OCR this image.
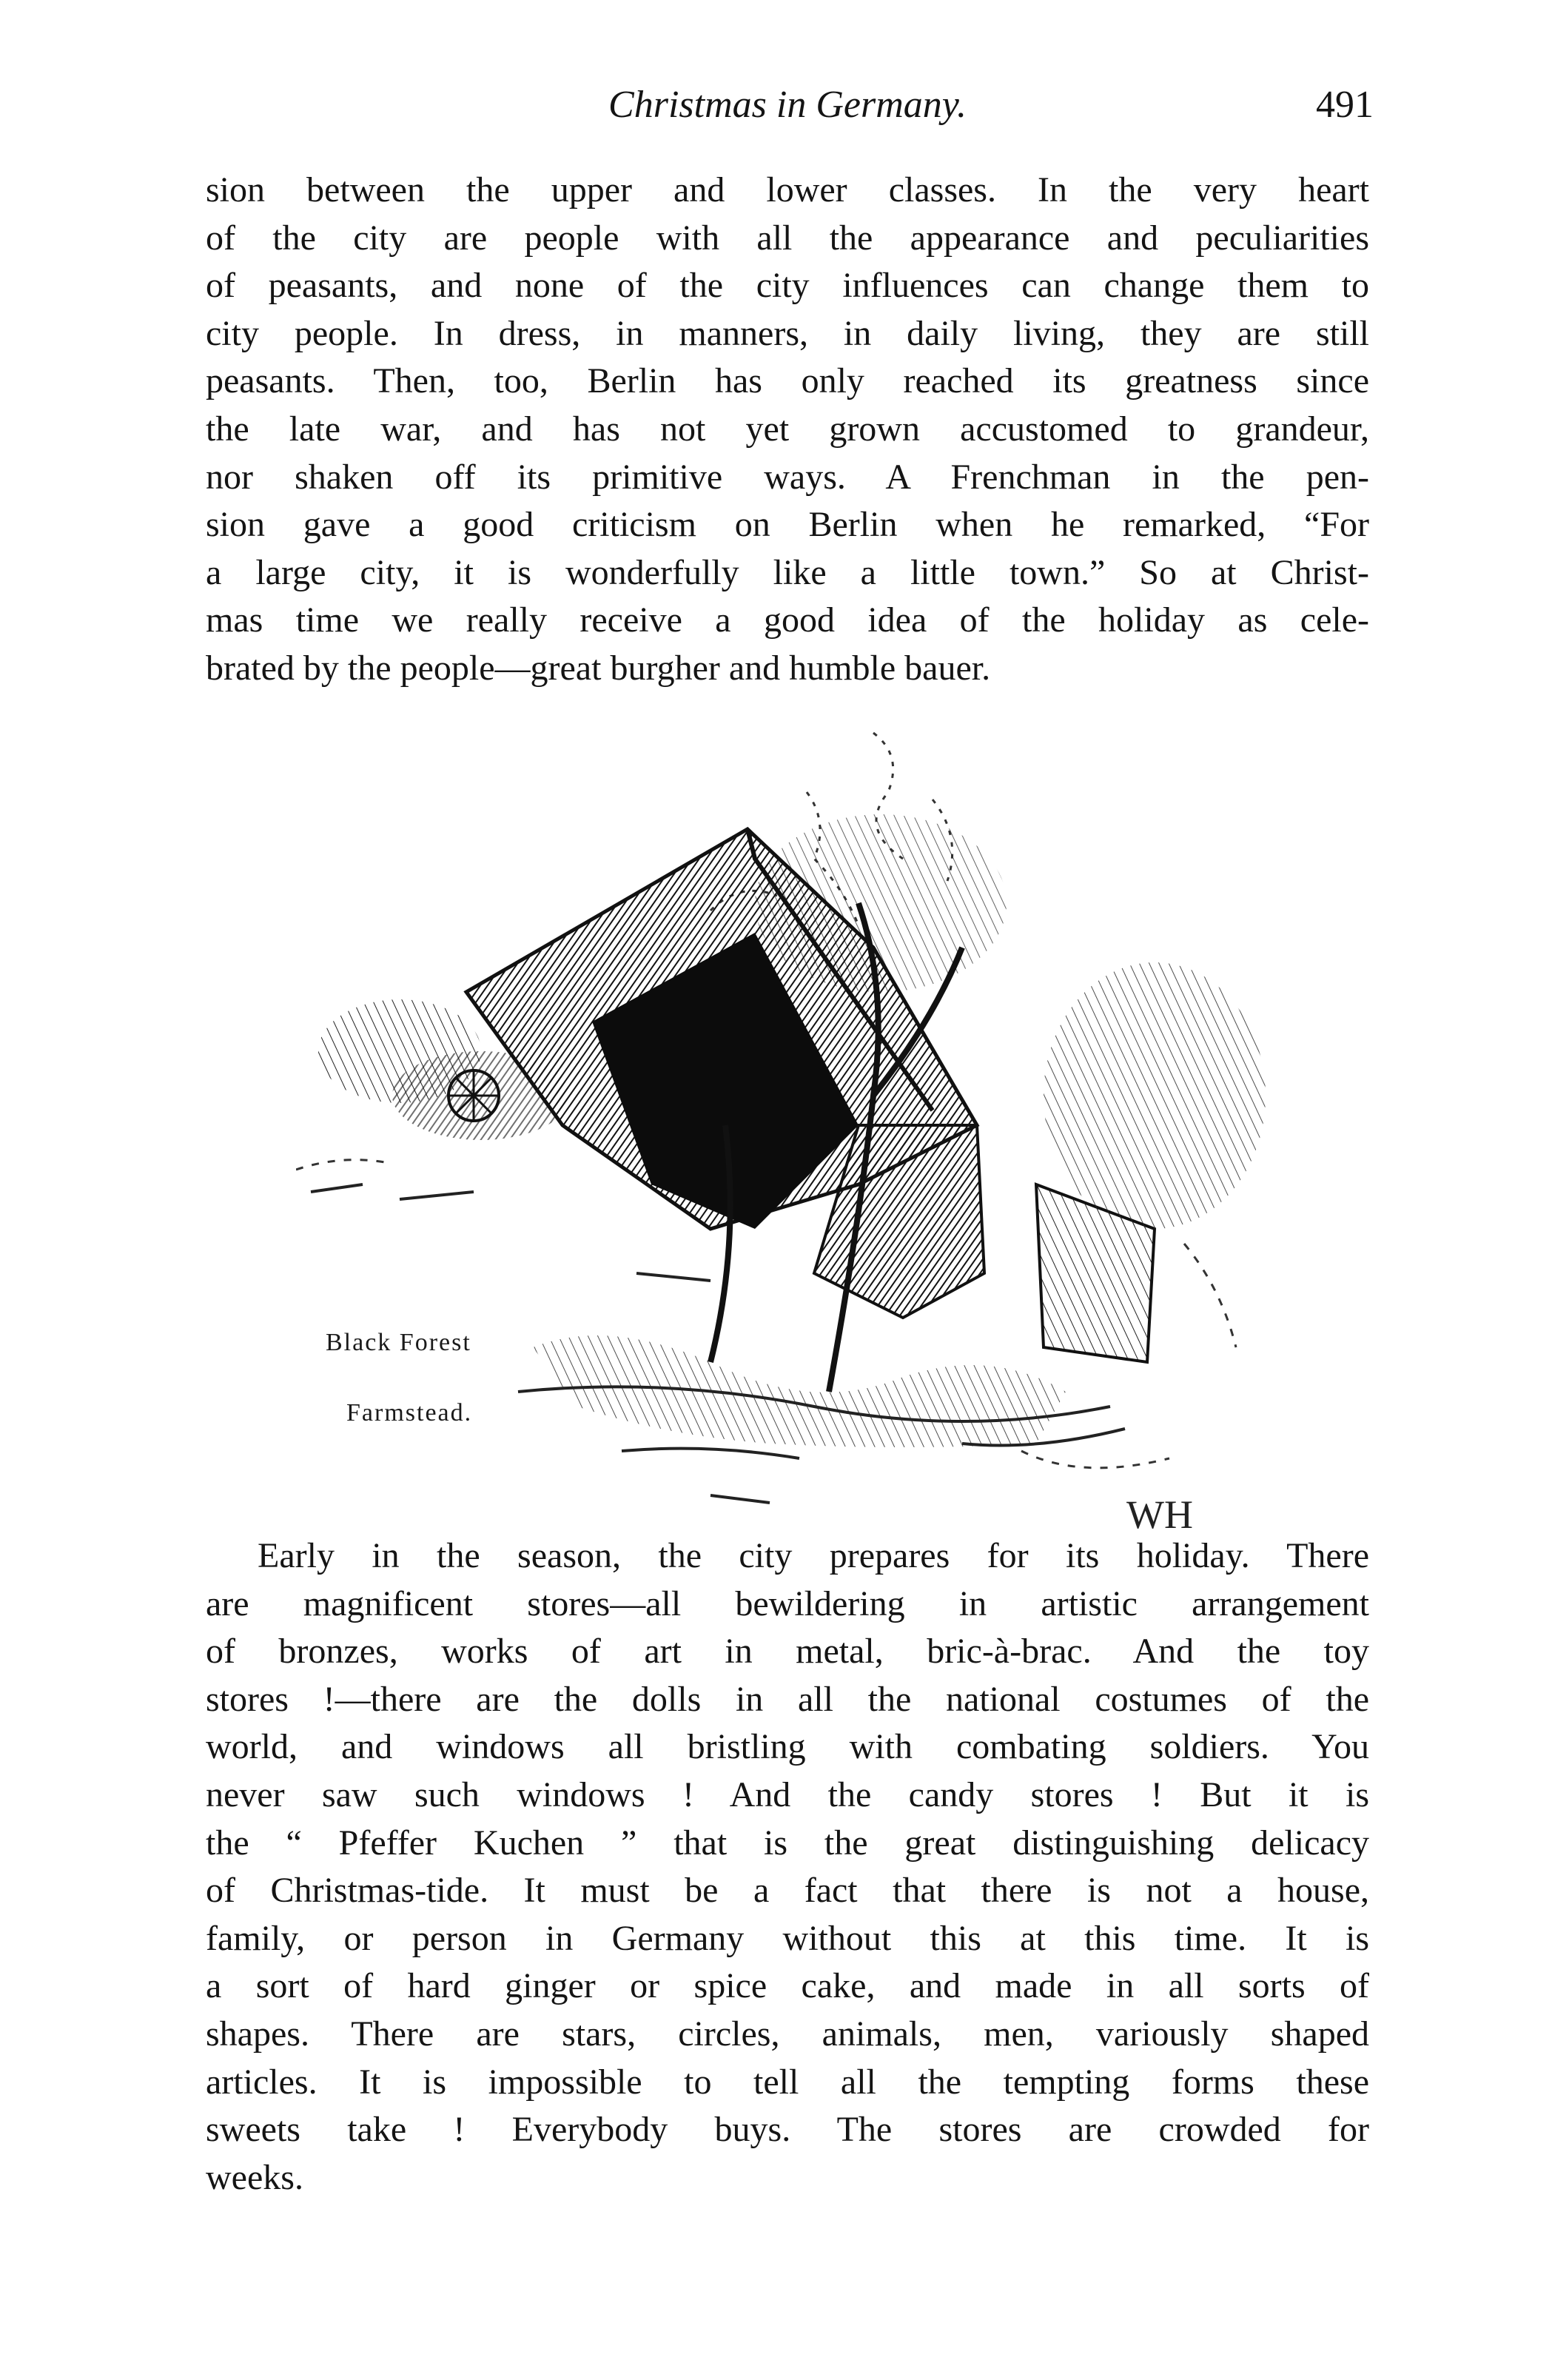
Christmas in Germany.	491
sion between the upper and lower classes. In the very heart
of the city are people with all the appearance and peculiarities
of peasants, and none of the city influences can change them to
city people. In dress, in manners, in daily living, they are still
peasants. Then, too, Berlin has only reached its greatness since
the late war, and has not yet grown accustomed to grandeur,
nor shaken off its primitive ways. A Frenchman in the pen-
sion gave a good criticism on Berlin when he remarked, “For
a large city, it is wonderfully like a little town.” So at Christ-
mas time we really receive a good idea of the holiday as cele-
brated by the people—great burgher and humble bauer.
Black Forest
Farmstead.
WH
Early in the season, the city prepares for its holiday. There
are magnificent stores—all bewildering in artistic arrangement
of bronzes, works of art in metal, bric-à-brac. And the toy
stores !—there are the dolls in all the national costumes of the
world, and windows all bristling with combating soldiers. You
never saw such windows ! And the candy stores ! But it is
the “ Pfeffer Kuchen ” that is the great distinguishing delicacy
of Christmas-tide. It must be a fact that there is not a house,
family, or person in Germany without this at this time. It is
a sort of hard ginger or spice cake, and made in all sorts of
shapes. There are stars, circles, animals, men, variously shaped
articles. It is impossible to tell all the tempting forms these
sweets take ! Everybody buys. The stores are crowded for
weeks.
